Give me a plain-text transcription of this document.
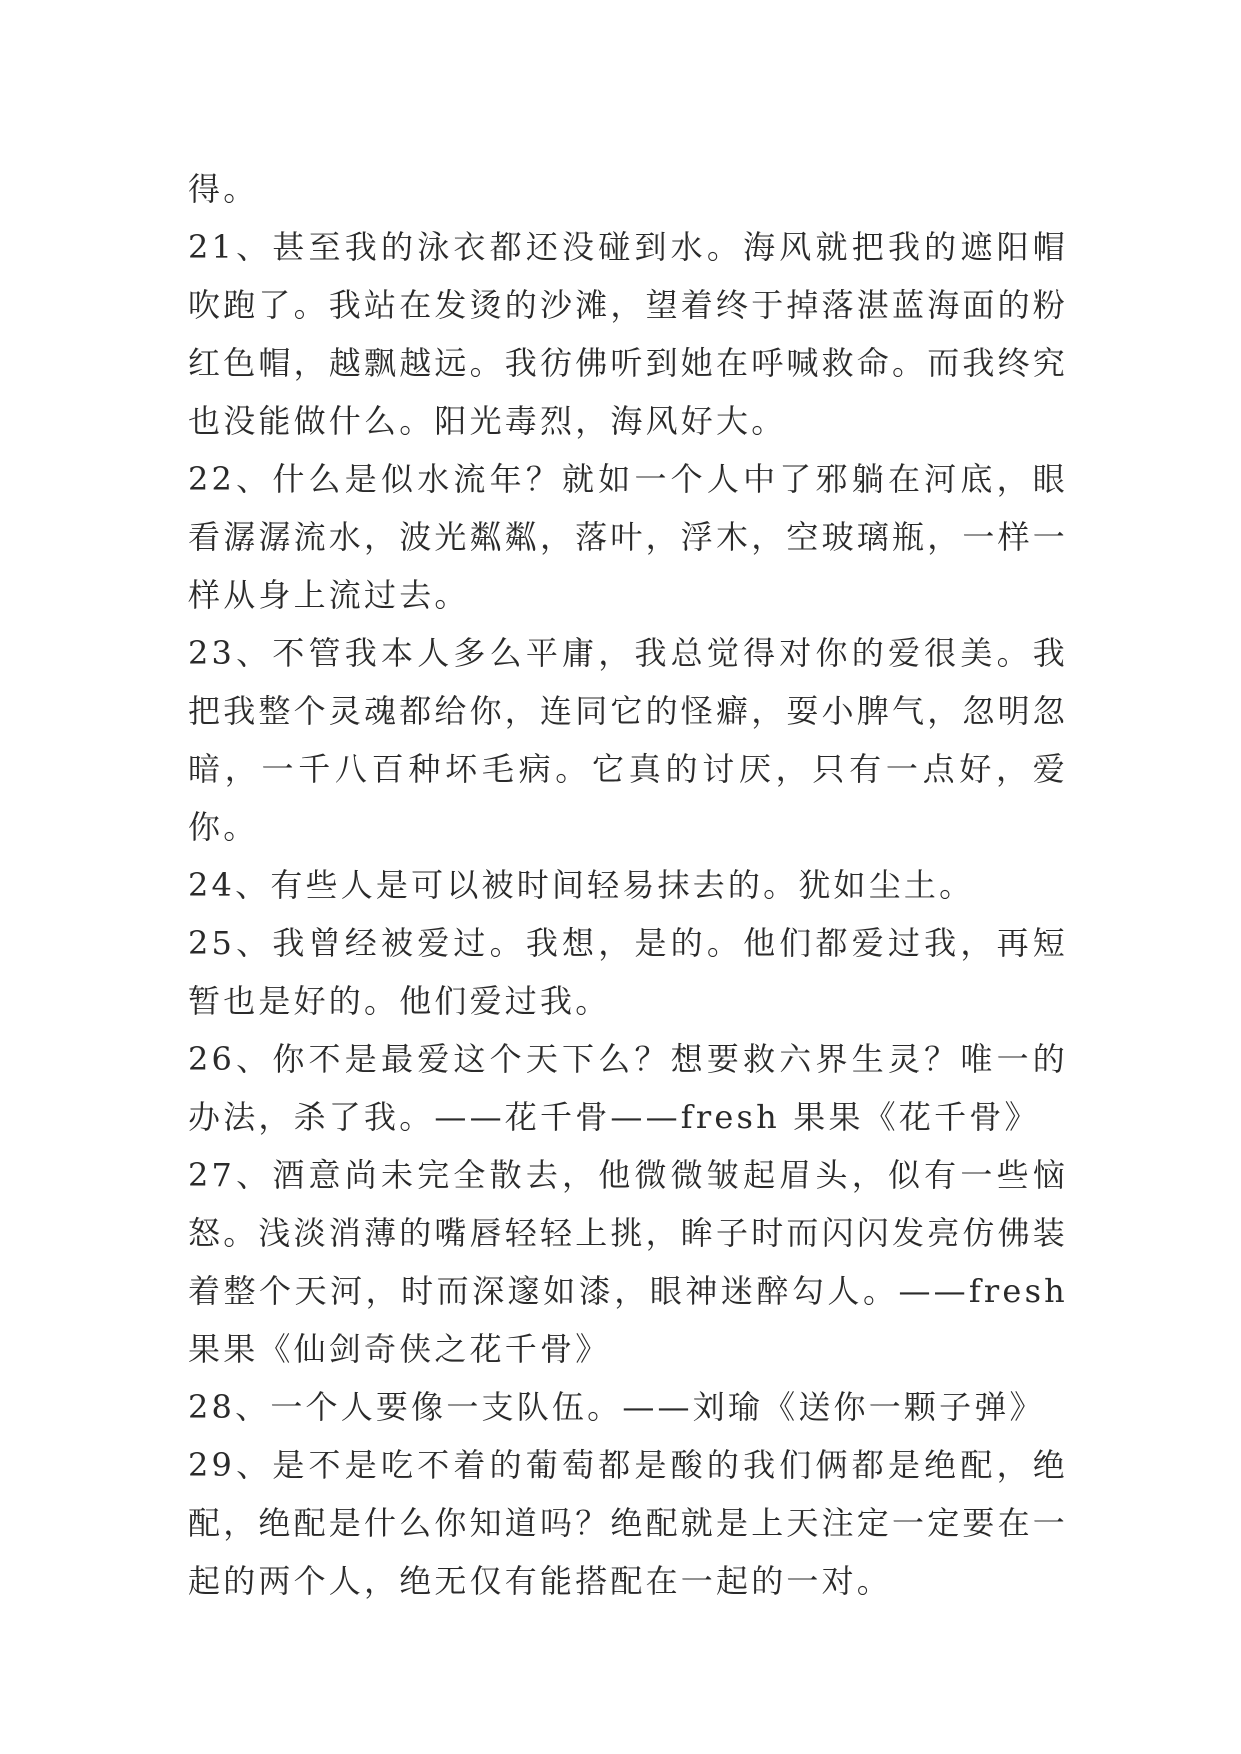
得。

21、甚至我的泳衣都还没碰到水。海风就把我的遮阳帽吹跑了。我站在发烫的沙滩，望着终于掉落湛蓝海面的粉红色帽，越飘越远。我彷佛听到她在呼喊救命。而我终究也没能做什么。阳光毒烈，海风好大。

22、什么是似水流年？就如一个人中了邪躺在河底，眼看潺潺流水，波光粼粼，落叶，浮木，空玻璃瓶，一样一样从身上流过去。

23、不管我本人多么平庸，我总觉得对你的爱很美。我把我整个灵魂都给你，连同它的怪癖，耍小脾气，忽明忽暗，一千八百种坏毛病。它真的讨厌，只有一点好，爱你。

24、有些人是可以被时间轻易抹去的。犹如尘土。

25、我曾经被爱过。我想，是的。他们都爱过我，再短暂也是好的。他们爱过我。

26、你不是最爱这个天下么？想要救六界生灵？唯一的办法，杀了我。——花千骨——fresh 果果《花千骨》

27、酒意尚未完全散去，他微微皱起眉头，似有一些恼怒。浅淡消薄的嘴唇轻轻上挑，眸子时而闪闪发亮仿佛装着整个天河，时而深邃如漆，眼神迷醉勾人。——fresh 果果《仙剑奇侠之花千骨》

28、一个人要像一支队伍。——刘瑜《送你一颗子弹》

29、是不是吃不着的葡萄都是酸的我们俩都是绝配，绝配，绝配是什么你知道吗？绝配就是上天注定一定要在一起的两个人，绝无仅有能搭配在一起的一对。
